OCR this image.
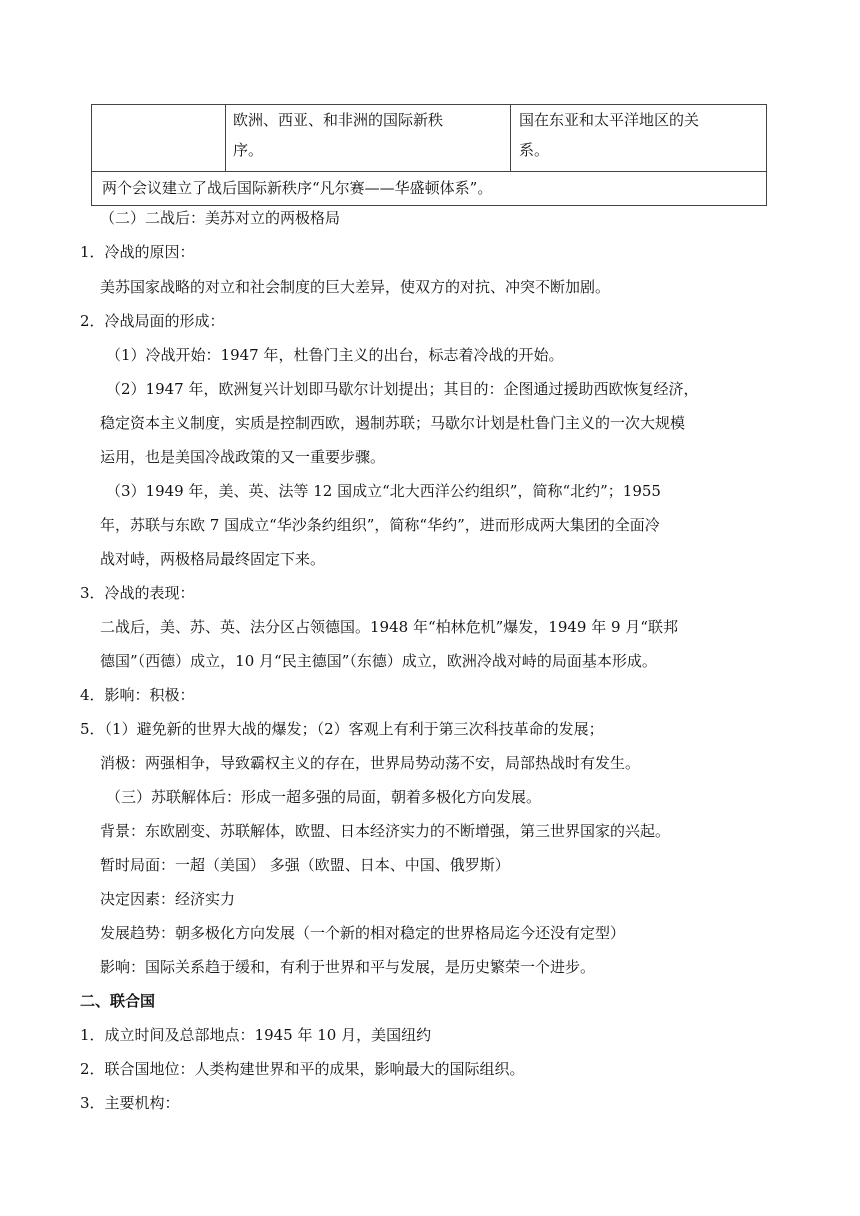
欧洲、西亚、和非洲的国际新秩
序。
国在东亚和太平洋地区的关
系。
两个会议建立了战后国际新秩序“凡尔赛——华盛顿体系”。
（二）二战后：美苏对立的两极格局
1．冷战的原因：
美苏国家战略的对立和社会制度的巨大差异，使双方的对抗、冲突不断加剧。
2．冷战局面的形成：
（1）冷战开始：1947 年，杜鲁门主义的出台，标志着冷战的开始。
（2）1947 年，欧洲复兴计划即马歇尔计划提出；其目的：企图通过援助西欧恢复经济，
稳定资本主义制度，实质是控制西欧，遏制苏联；马歇尔计划是杜鲁门主义的一次大规模
运用，也是美国冷战政策的又一重要步骤。
（3）1949 年，美、英、法等 12 国成立“北大西洋公约组织”，简称“北约”；1955
年，苏联与东欧 7 国成立“华沙条约组织”，简称“华约”，进而形成两大集团的全面冷
战对峙，两极格局最终固定下来。
3．冷战的表现：
二战后，美、苏、英、法分区占领德国。1948 年“柏林危机”爆发，1949 年 9 月“联邦
德国”（西德）成立，10 月“民主德国”（东德）成立，欧洲冷战对峙的局面基本形成。
4．影响：积极：
5．（1）避免新的世界大战的爆发；（2）客观上有利于第三次科技革命的发展；
消极：两强相争，导致霸权主义的存在，世界局势动荡不安，局部热战时有发生。
（三）苏联解体后：形成一超多强的局面，朝着多极化方向发展。
背景：东欧剧变、苏联解体，欧盟、日本经济实力的不断增强，第三世界国家的兴起。
暂时局面：一超（美国） 多强（欧盟、日本、中国、俄罗斯）
决定因素：经济实力
发展趋势：朝多极化方向发展（一个新的相对稳定的世界格局迄今还没有定型）
影响：国际关系趋于缓和，有利于世界和平与发展，是历史繁荣一个进步。
二、联合国
1．成立时间及总部地点：1945 年 10 月，美国纽约
2．联合国地位：人类构建世界和平的成果，影响最大的国际组织。
3．主要机构：
